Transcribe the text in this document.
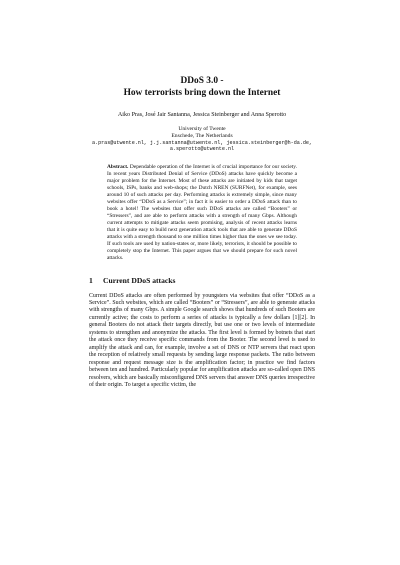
DDoS 3.0 -
How terrorists bring down the Internet
Aiko Pras, José Jair Santanna, Jessica Steinberger and Anna Sperotto
University of Twente
Enschede, The Netherlands
a.pras@utwente.nl, j.j.santanna@utwente.nl, jessica.steinberger@h-da.de,
a.sperotto@utwente.nl
Abstract. Dependable operation of the Internet is of crucial importance for our society. In recent years Distributed Denial of Service (DDoS) attacks have quickly become a major problem for the Internet. Most of these attacks are initiated by kids that target schools, ISPs, banks and web-shops; the Dutch NREN (SURFNet), for example, sees around 10 of such attacks per day. Performing attacks is extremely simple, since many websites offer “DDoS as a Service”; in fact it is easier to order a DDoS attack than to book a hotel! The websites that offer such DDoS attacks are called “Booters” or “Stressers”, and are able to perform attacks with a strength of many Gbps. Although current attempts to mitigate attacks seem promising, analysis of recent attacks learns that it is quite easy to build next generation attack tools that are able to generate DDoS attacks with a strength thousand to one million times higher than the ones we see today. If such tools are used by nation-states or, more likely, terrorists, it should be possible to completely stop the Internet. This paper argues that we should prepare for such novel attacks.
1	Current DDoS attacks
Current DDoS attacks are often performed by youngsters via websites that offer “DDoS as a Service”. Such websites, which are called “Booters” or “Stressers”, are able to generate attacks with strengths of many Gbps. A simple Google search shows that hundreds of such Booters are currently active; the costs to perform a series of attacks is typically a few dollars [1][2]. In general Booters do not attack their targets directly, but use one or two levels of intermediate systems to strengthen and anonymize the attacks. The first level is formed by botnets that start the attack once they receive specific commands from the Booter. The second level is used to amplify the attack and can, for example, involve a set of DNS or NTP servers that react upon the reception of relatively small requests by sending large response packets. The ratio between response and request message size is the amplification factor; in practice we find factors between ten and hundred. Particularly popular for amplification attacks are so-called open DNS resolvers, which are basically misconfigured DNS servers that answer DNS queries irrespective of their origin. To target a specific victim, the
